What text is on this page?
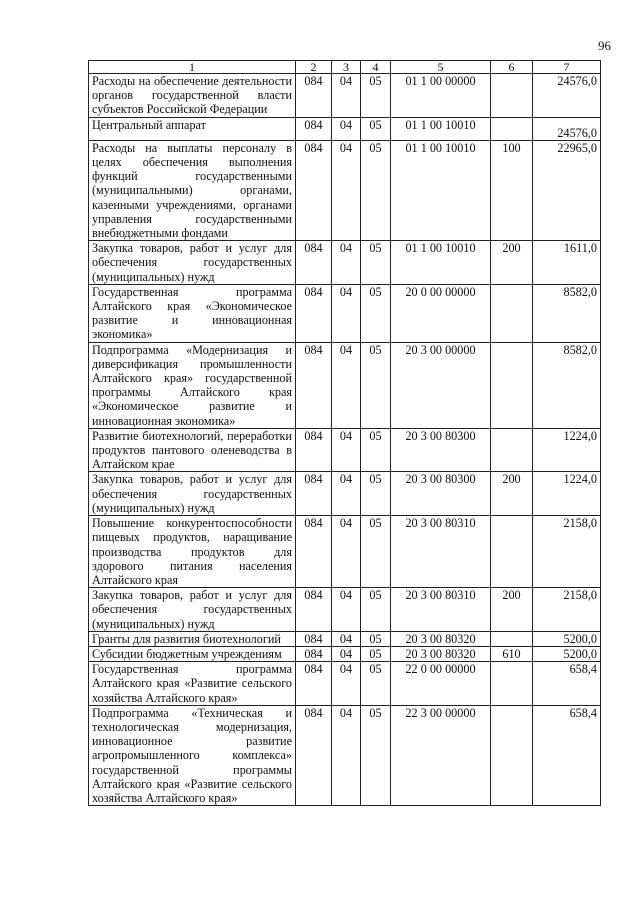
96
1	2	3	4	5	6	7
Расходы на обеспечение деятельности органов государственной власти субъектов Российской Федерации	084	04	05	01 1 00 00000		24576,0
Центральный аппарат	084	04	05	01 1 00 10010		24576,0
Расходы на выплаты персоналу в целях обеспечения выполнения функций государственными (муниципальными) органами, казенными учреждениями, органами управления государственными внебюджетными фондами	084	04	05	01 1 00 10010	100	22965,0
Закупка товаров, работ и услуг для обеспечения государственных (муниципальных) нужд	084	04	05	01 1 00 10010	200	1611,0
Государственная программа Алтайского края «Экономическое развитие и инновационная экономика»	084	04	05	20 0 00 00000		8582,0
Подпрограмма «Модернизация и диверсификация промышленности Алтайского края» государственной программы Алтайского края «Экономическое развитие и инновационная экономика»	084	04	05	20 3 00 00000		8582,0
Развитие биотехнологий, переработки продуктов пантового оленеводства в Алтайском крае	084	04	05	20 3 00 80300		1224,0
Закупка товаров, работ и услуг для обеспечения государственных (муниципальных) нужд	084	04	05	20 3 00 80300	200	1224,0
Повышение конкурентоспособности пищевых продуктов, наращивание производства продуктов для здорового питания населения Алтайского края	084	04	05	20 3 00 80310		2158,0
Закупка товаров, работ и услуг для обеспечения государственных (муниципальных) нужд	084	04	05	20 3 00 80310	200	2158,0
Гранты для развития биотехнологий	084	04	05	20 3 00 80320		5200,0
Субсидии бюджетным учреждениям	084	04	05	20 3 00 80320	610	5200,0
Государственная программа Алтайского края «Развитие сельского хозяйства Алтайского края»	084	04	05	22 0 00 00000		658,4
Подпрограмма «Техническая и технологическая модернизация, инновационное развитие агропромышленного комплекса» государственной программы Алтайского края «Развитие сельского хозяйства Алтайского края»	084	04	05	22 3 00 00000		658,4
